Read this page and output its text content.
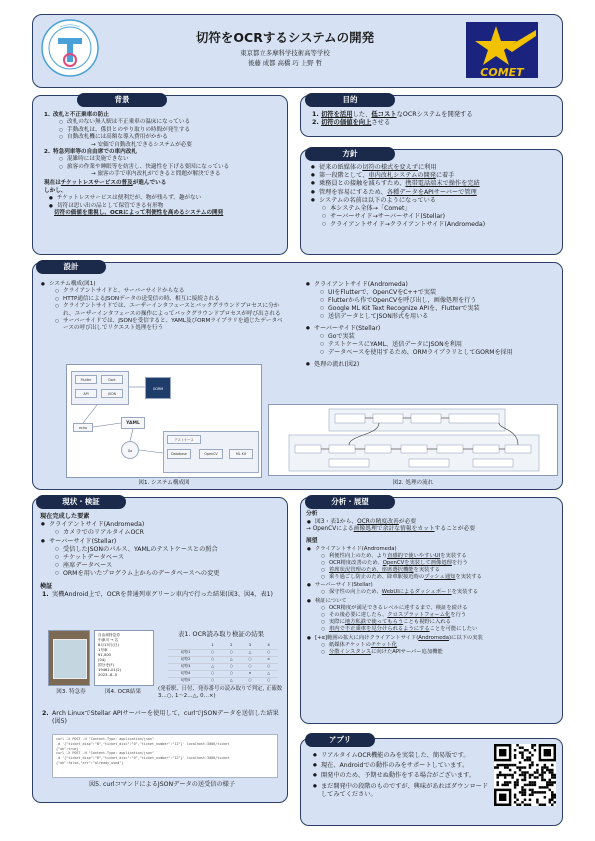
COMET
切符をOCRするシステムの開発
東京都立多摩科学技術高等学校
後藤 成都 高橋 巧 上野 哲
背景
1. 改札と不正乗車の防止
○ 改札のない無人駅は不正乗車の温床になっている
○ 手動改札は、係員とのやり取りの時間が発生する
○ 自動改札機には高額な導入費用がかかる
→ 安価で自動改札できるシステムが必要
2. 特急列車等の自由席での車内改札
○ 混雑時には実施できない
○ 旅客の作業や睡眠等を妨害し、快適性を下げる要因になっている
→ 旅客の手で車内改札ができると問題が解決できる
現在はチケットレスサービスの普及が進んでいる
しかし、
● チケットレスサービスは便利だが、物が残らず、趣がない
● 切符は思い出の品として保管できる有形物
切符の価値を重視し、OCRによって利便性を高めるシステムの開発
目的
1. 切符を活用した、低コストなOCRシステムを開発する
2. 切符の価値を向上させる
方針
● 従来の紙媒体の切符の様式を変えずに利用
● 第一段階として、車内改札システムの開発に着手
● 乗務員との接触を減らすため、携帯電話端末で操作を完結
● 管理を容易にするため、各種データをAPIサーバーで管理
● システムの名前は以下のようになっている
○ 本システム全体→「Comet」
○ サーバーサイド→サーバーサイド(Stellar)
○ クライアントサイド→クライアントサイド(Andromeda)
設計
● システム構成(図1)
○ クライアントサイドと、サーバーサイドからなる
○ HTTP通信によるJSONデータの送受信の時、相互に接続される
○ クライアントサイドでは、ユーザーインタフェースとバックグラウンドプロセスに分かれ、ユーザーインタフェースの操作によってバックグラウンドプロセスが呼び出される
○ サーバーサイドでは、JSONを受信すると、YAML及びORMライブラリを通じたデータベースの呼び出しでリクエスト処理を行う
● クライアントサイド(Andromeda)
○ UIをFlutterで、OpenCVをC++で実装
○ Flutterから作でOpenCVを呼び出し，画像処理を行う
○ Google ML Kit Text Recognize APIを、Flutterで実装
○ 送信データとしてJSON形式を用いる
● サーバーサイド(Stellar)
○ Goで実装
○ テストケースにYAML、送信データにJSONを利用
○ データベースを使用するため、ORMライブラリとしてGORMを採用
● 処理の流れ(図2)
Flutter	Dart
API	JSON
GORM
echo
YAML
Go
Database	OpenCV	ML Kit
テストケース
図1. システム構成図	図2. 処理の流れ
現状・検証
現在完成した要素
● クライアントサイド(Andromeda)
○ カメラでのリアルタイムOCR
● サーバーサイド(Stellar)
○ 受信したJSONのパルス、YAMLのテストケースとの照合
○ チケットデータベース
○ 座席データベース
○ ORMを用いたプログラム上からのデータベースへの変更
検証
1. 実機Android上で，OCRを普通列車グリーン車内で行った結果(図3、図4，表1)
自由席特急券
中津川 → 名
8月13日(日)
1号車
¥1,000
(04)
国分寺(F)
19461-01(2)
2023.-8.-5
図3. 特急券	図4. OCR結果
表1. OCR読み取り検証の結果
	1	2	3	4
切符1	○	○	△	○
切符2	○	△	○	×
切符3	△	○	○	○
切符4	○	○	×	△
切符5	○	△	○	○
(発着駅、日付、発券番号の読み取りで判定, 正確数3…○, 1〜2…△, 0…×)
2. Arch LinuxでStellar APIサーバーを使用して，curlでJSONデータを送信した結果(図5)
curl -X POST -H "Content-Type: application/json"
-d '{"ticket_disp":"B","ticket_disc":"0","ticket_number":"12"}' localhost:3000/ticket
{"ok":true}
curl -X POST -H "Content-Type: application/json"
-d '{"ticket_disp":"B","ticket_disc":"0","ticket_number":"12"}' localhost:3000/ticket
{"ok":false,"err":"already_used"}
図5. curlコマンドによるJSONデータの送受信の様子
分析・展望
分析
● 図3・表1から、OCRの精度改善が必要
→ OpenCVによる画像処理で余計な情報をカットすることが必要
展望
● クライアントサイド(Andromeda)
○ 利便性向上のため、より直感的で使いやすいUIを実装する
○ OCR精度改善のため、OpenCVを実装して画像処理を行う
○ 着席状況管理のため、座席選択機能を実装する
○ 乗り過ごし防止のため、降車駅接近時のプッシュ通知を実装する
● サーバーサイド(Stellar)
○ 保守性の向上のため、WebUIによるダッシュボードを実装する
● 検証について
○ OCR精度が満足できるレベルに達するまで、検証を続ける
○ その後必要に達したら、クロスプラットフォーム化を行う
○ 実際に地方私鉄で使ってもらうことも視野に入れる
○ 車内で不正乗車を見分けられるようにすることを可能にしたい
● [+α]範囲の拡大に向けクライアントサイド(Andromeda)に以下の実装
○ 紙媒体チケットのチケット化
○ 分散インスタンスに向けたAPIサーバー追加機能
アプリ
● リアルタイムOCR機能のみを実装した、簡易版です。
● 現在、Androidでの動作のみをサポートしています。
● 開発中のため、予期せぬ動作をする場合がございます。
● まだ開発中の段階のものですが、興味があればダウンロードしてみてください。
